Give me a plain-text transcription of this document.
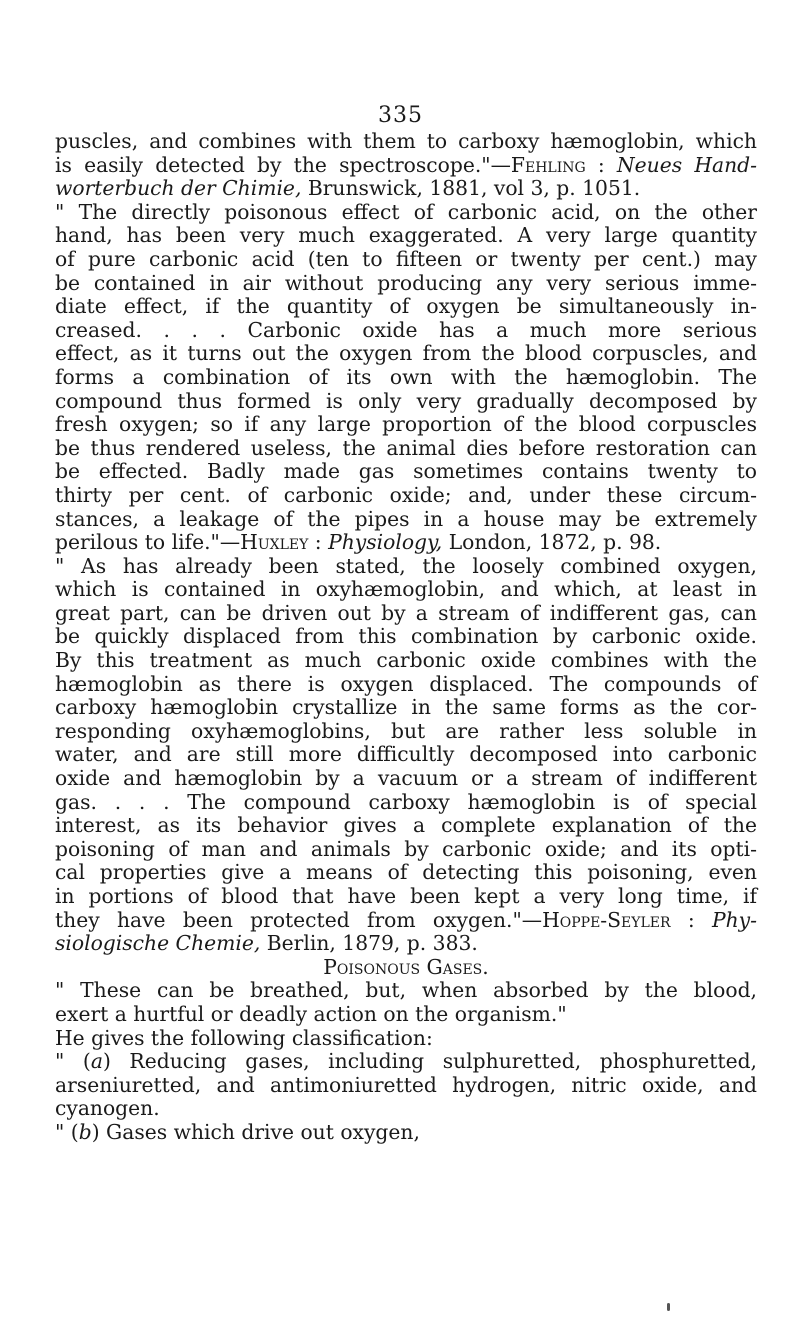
335
puscles, and combines with them to carboxy hæmoglobin, which
is easily detected by the spectroscope."—Fehling : Neues Hand-
worterbuch der Chimie, Brunswick, 1881, vol 3, p. 1051.
" The directly poisonous effect of carbonic acid, on the other
hand, has been very much exaggerated. A very large quantity
of pure carbonic acid (ten to fifteen or twenty per cent.) may
be contained in air without producing any very serious imme-
diate effect, if the quantity of oxygen be simultaneously in-
creased. . . . Carbonic oxide has a much more serious
effect, as it turns out the oxygen from the blood corpuscles, and
forms a combination of its own with the hæmoglobin. The
compound thus formed is only very gradually decomposed by
fresh oxygen; so if any large proportion of the blood corpuscles
be thus rendered useless, the animal dies before restoration can
be effected. Badly made gas sometimes contains twenty to
thirty per cent. of carbonic oxide; and, under these circum-
stances, a leakage of the pipes in a house may be extremely
perilous to life."—Huxley : Physiology, London, 1872, p. 98.
" As has already been stated, the loosely combined oxygen,
which is contained in oxyhæmoglobin, and which, at least in
great part, can be driven out by a stream of indifferent gas, can
be quickly displaced from this combination by carbonic oxide.
By this treatment as much carbonic oxide combines with the
hæmoglobin as there is oxygen displaced. The compounds of
carboxy hæmoglobin crystallize in the same forms as the cor-
responding oxyhæmoglobins, but are rather less soluble in
water, and are still more difficultly decomposed into carbonic
oxide and hæmoglobin by a vacuum or a stream of indifferent
gas. . . . The compound carboxy hæmoglobin is of special
interest, as its behavior gives a complete explanation of the
poisoning of man and animals by carbonic oxide; and its opti-
cal properties give a means of detecting this poisoning, even
in portions of blood that have been kept a very long time, if
they have been protected from oxygen."—Hoppe-Seyler : Phy-
siologische Chemie, Berlin, 1879, p. 383.
Poisonous Gases.
" These can be breathed, but, when absorbed by the blood,
exert a hurtful or deadly action on the organism."
He gives the following classification:
" (a) Reducing gases, including sulphuretted, phosphuretted,
arseniuretted, and antimoniuretted hydrogen, nitric oxide, and
cyanogen.
" (b) Gases which drive out oxygen,
